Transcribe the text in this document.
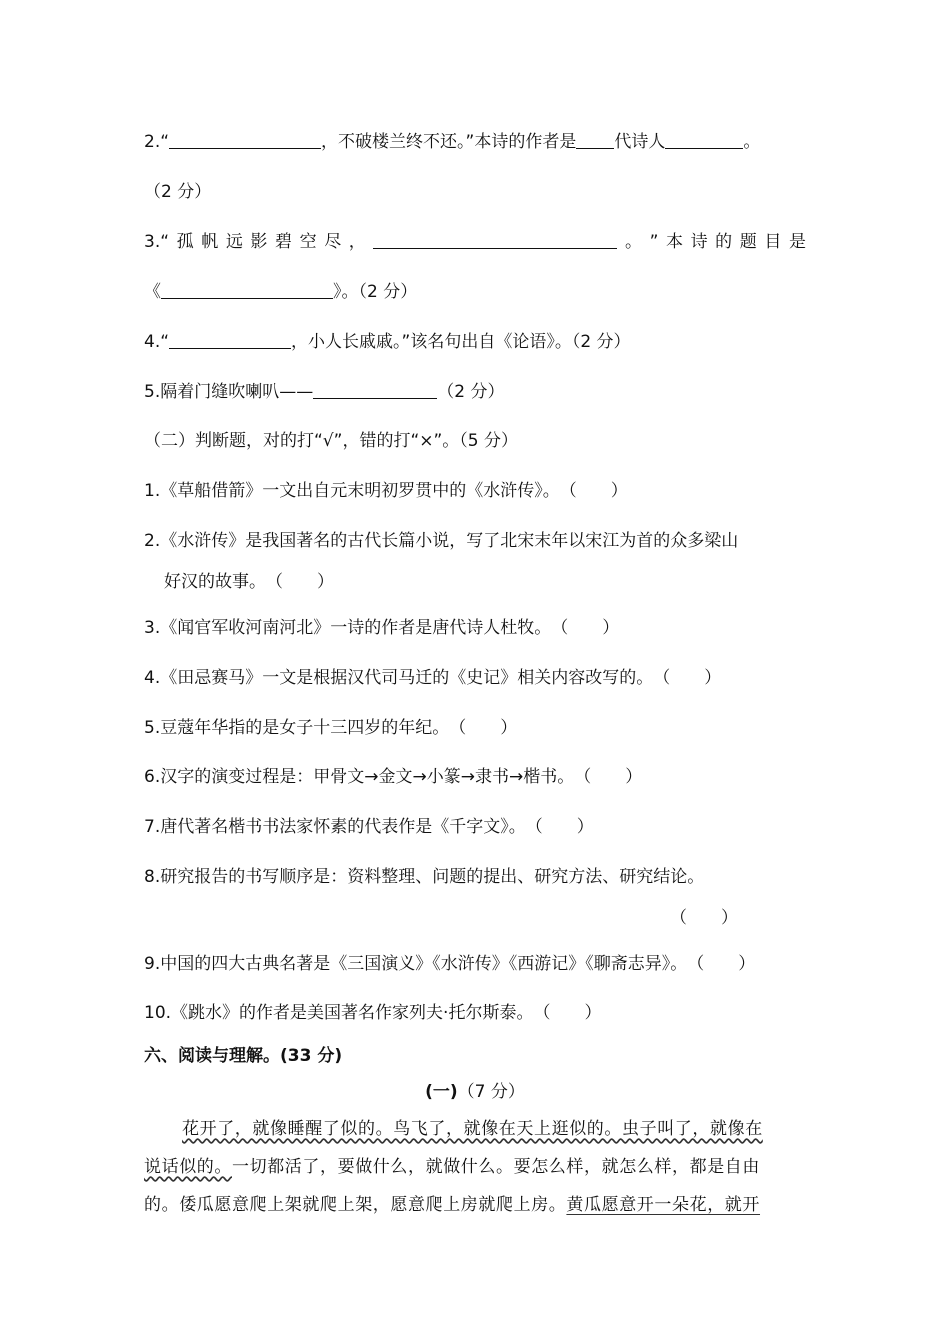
2.“	，不破楼兰终不还。”本诗的作者是 代诗人	。
（2 分）
3.“ 孤 帆 远 影 碧 空 尽 ，	。 ” 本 诗 的 题 目 是
《	》。（2 分）
4.“	，小人长戚戚。”该名句出自《论语》。（2 分）
5.隔着门缝吹喇叭——	（2 分）
（二）判断题，对的打“√”，错的打“×”。（5 分）
1.《草船借箭》一文出自元末明初罗贯中的《水浒传》。（　　）
2.《水浒传》是我国著名的古代长篇小说，写了北宋末年以宋江为首的众多梁山
好汉的故事。（　　）
3.《闻官军收河南河北》一诗的作者是唐代诗人杜牧。（　　）
4.《田忌赛马》一文是根据汉代司马迁的《史记》相关内容改写的。（　　）
5.豆蔻年华指的是女子十三四岁的年纪。（　　）
6.汉字的演变过程是：甲骨文→金文→小篆→隶书→楷书。（　　）
7.唐代著名楷书书法家怀素的代表作是《千字文》。（　　）
8.研究报告的书写顺序是：资料整理、问题的提出、研究方法、研究结论。
（　　）
9.中国的四大古典名著是《三国演义》《水浒传》《西游记》《聊斋志异》。（　　）
10.《跳水》的作者是美国著名作家列夫·托尔斯泰。（　　）
六、阅读与理解。(33 分)
(一)（7 分）
花开了，就像睡醒了似的。鸟飞了，就像在天上逛似的。虫子叫了，就像在
说话似的。一切都活了，要做什么，就做什么。要怎么样，就怎么样，都是自由
的。倭瓜愿意爬上架就爬上架，愿意爬上房就爬上房。黄瓜愿意开一朵花，就开
